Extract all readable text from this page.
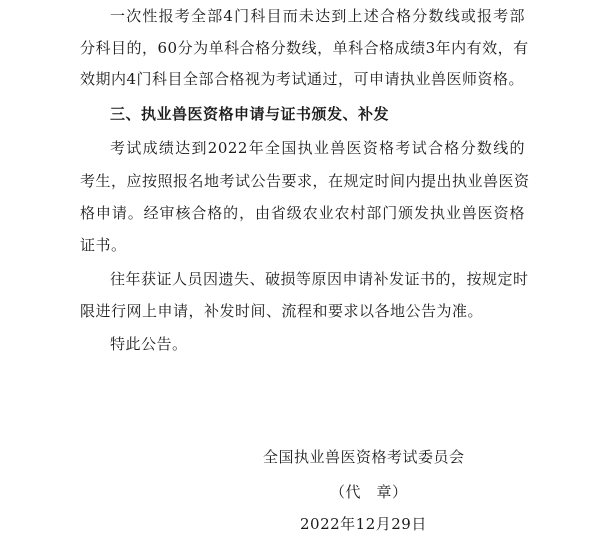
一次性报考全部4门科目而未达到上述合格分数线或报考部
分科目的，60分为单科合格分数线，单科合格成绩3年内有效，有
效期内4门科目全部合格视为考试通过，可申请执业兽医师资格。
三、执业兽医资格申请与证书颁发、补发
考试成绩达到2022年全国执业兽医资格考试合格分数线的
考生，应按照报名地考试公告要求，在规定时间内提出执业兽医资
格申请。经审核合格的，由省级农业农村部门颁发执业兽医资格
证书。
往年获证人员因遗失、破损等原因申请补发证书的，按规定时
限进行网上申请，补发时间、流程和要求以各地公告为准。
特此公告。
全国执业兽医资格考试委员会
（代　章）
2022年12月29日
